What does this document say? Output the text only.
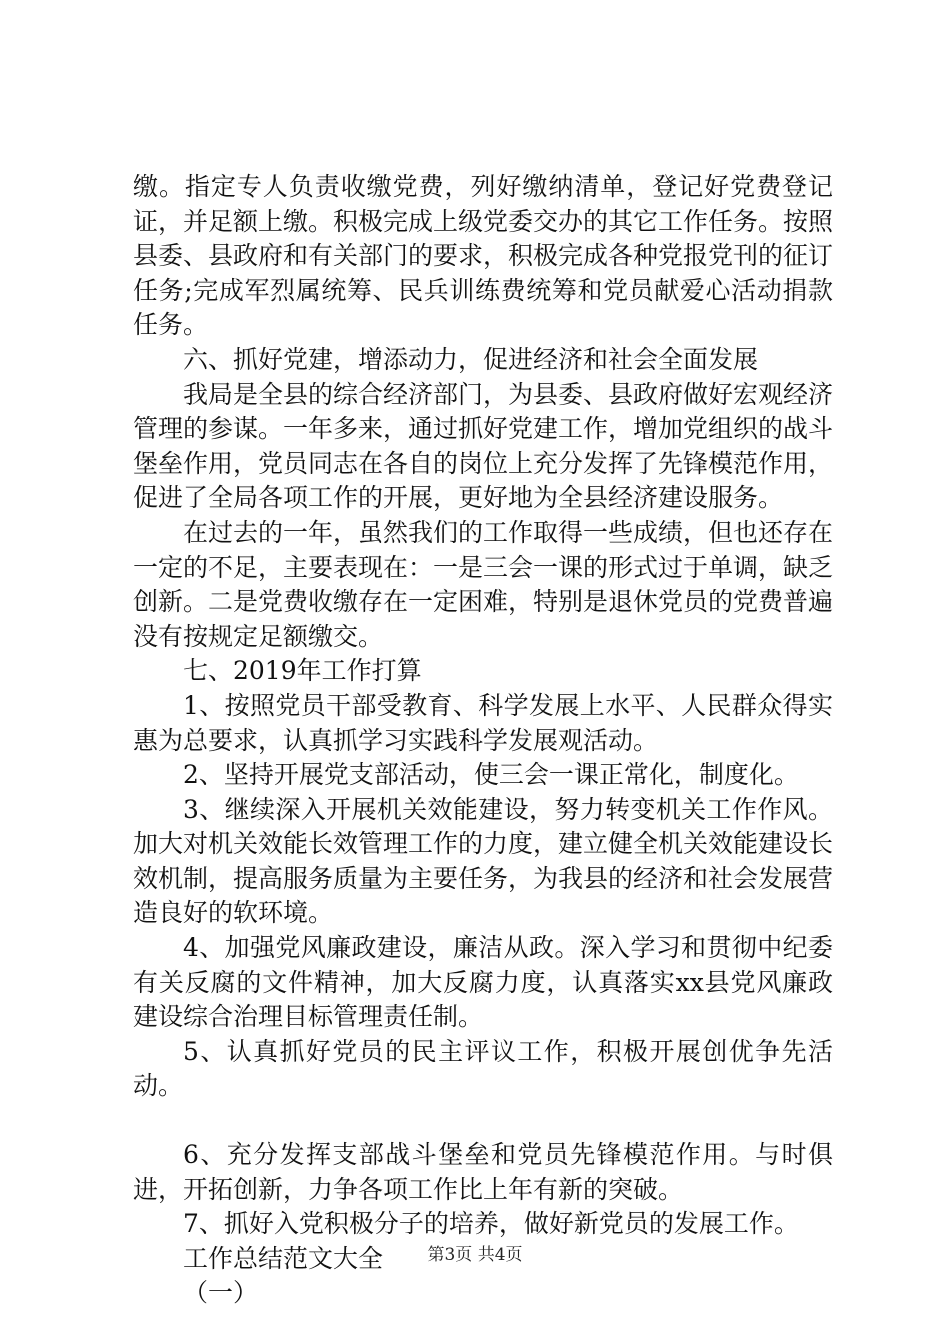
缴。指定专人负责收缴党费，列好缴纳清单，登记好党费登记证，并足额上缴。积极完成上级党委交办的其它工作任务。按照县委、县政府和有关部门的要求，积极完成各种党报党刊的征订任务;完成军烈属统筹、民兵训练费统筹和党员献爱心活动捐款任务。

六、抓好党建，增添动力，促进经济和社会全面发展

我局是全县的综合经济部门，为县委、县政府做好宏观经济管理的参谋。一年多来，通过抓好党建工作，增加党组织的战斗堡垒作用，党员同志在各自的岗位上充分发挥了先锋模范作用，促进了全局各项工作的开展，更好地为全县经济建设服务。

在过去的一年，虽然我们的工作取得一些成绩，但也还存在一定的不足，主要表现在：一是三会一课的形式过于单调，缺乏创新。二是党费收缴存在一定困难，特别是退休党员的党费普遍没有按规定足额缴交。

七、2019年工作打算

1、按照党员干部受教育、科学发展上水平、人民群众得实惠为总要求，认真抓学习实践科学发展观活动。

2、坚持开展党支部活动，使三会一课正常化，制度化。

3、继续深入开展机关效能建设，努力转变机关工作作风。加大对机关效能长效管理工作的力度，建立健全机关效能建设长效机制，提高服务质量为主要任务，为我县的经济和社会发展营造良好的软环境。

4、加强党风廉政建设，廉洁从政。深入学习和贯彻中纪委有关反腐的文件精神，加大反腐力度，认真落实xx县党风廉政建设综合治理目标管理责任制。

5、认真抓好党员的民主评议工作，积极开展创优争先活动。

6、充分发挥支部战斗堡垒和党员先锋模范作用。与时俱进，开拓创新，力争各项工作比上年有新的突破。

7、抓好入党积极分子的培养，做好新党员的发展工作。

工作总结范文大全

（一）

第3页 共4页
